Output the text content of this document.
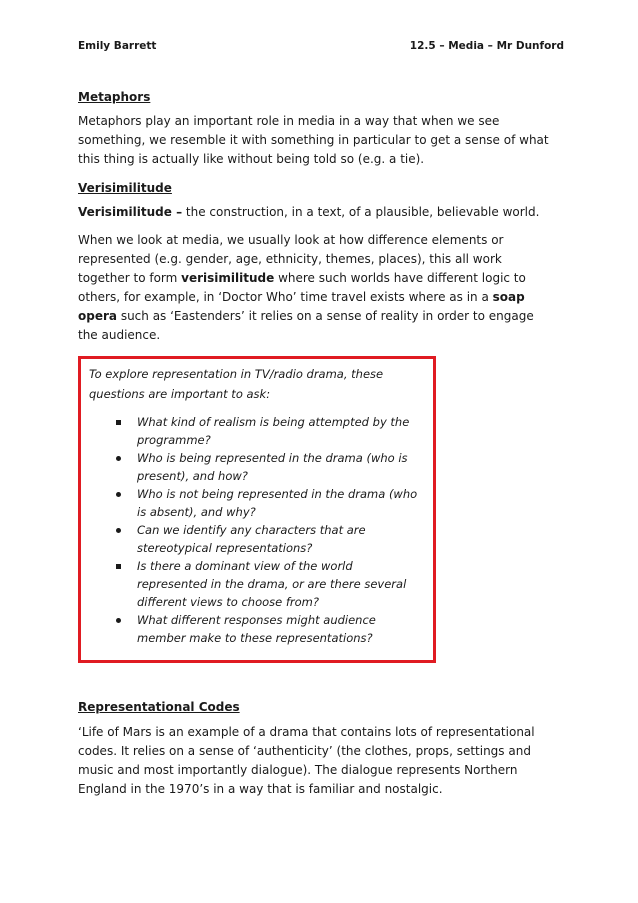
Emily Barrett	12.5 – Media – Mr Dunford
Metaphors

Metaphors play an important role in media in a way that when we see

something, we resemble it with something in particular to get a sense of what

this thing is actually like without being told so (e.g. a tie).

Verisimilitude

Verisimilitude – the construction, in a text, of a plausible, believable world.

When we look at media, we usually look at how difference elements or

represented (e.g. gender, age, ethnicity, themes, places), this all work

together to form verisimilitude where such worlds have different logic to

others, for example, in ‘Doctor Who’ time travel exists where as in a soap

opera such as ‘Eastenders’ it relies on a sense of reality in order to engage

the audience.

To explore representation in TV/radio drama, these

questions are important to ask:

What kind of realism is being attempted by the
programme?
Who is being represented in the drama (who is
present), and how?
Who is not being represented in the drama (who
is absent), and why?
Can we identify any characters that are
stereotypical representations?
Is there a dominant view of the world
represented in the drama, or are there several
different views to choose from?
What different responses might audience
member make to these representations?
Representational Codes

‘Life of Mars is an example of a drama that contains lots of representational

codes. It relies on a sense of ‘authenticity’ (the clothes, props, settings and

music and most importantly dialogue). The dialogue represents Northern

England in the 1970’s in a way that is familiar and nostalgic.
